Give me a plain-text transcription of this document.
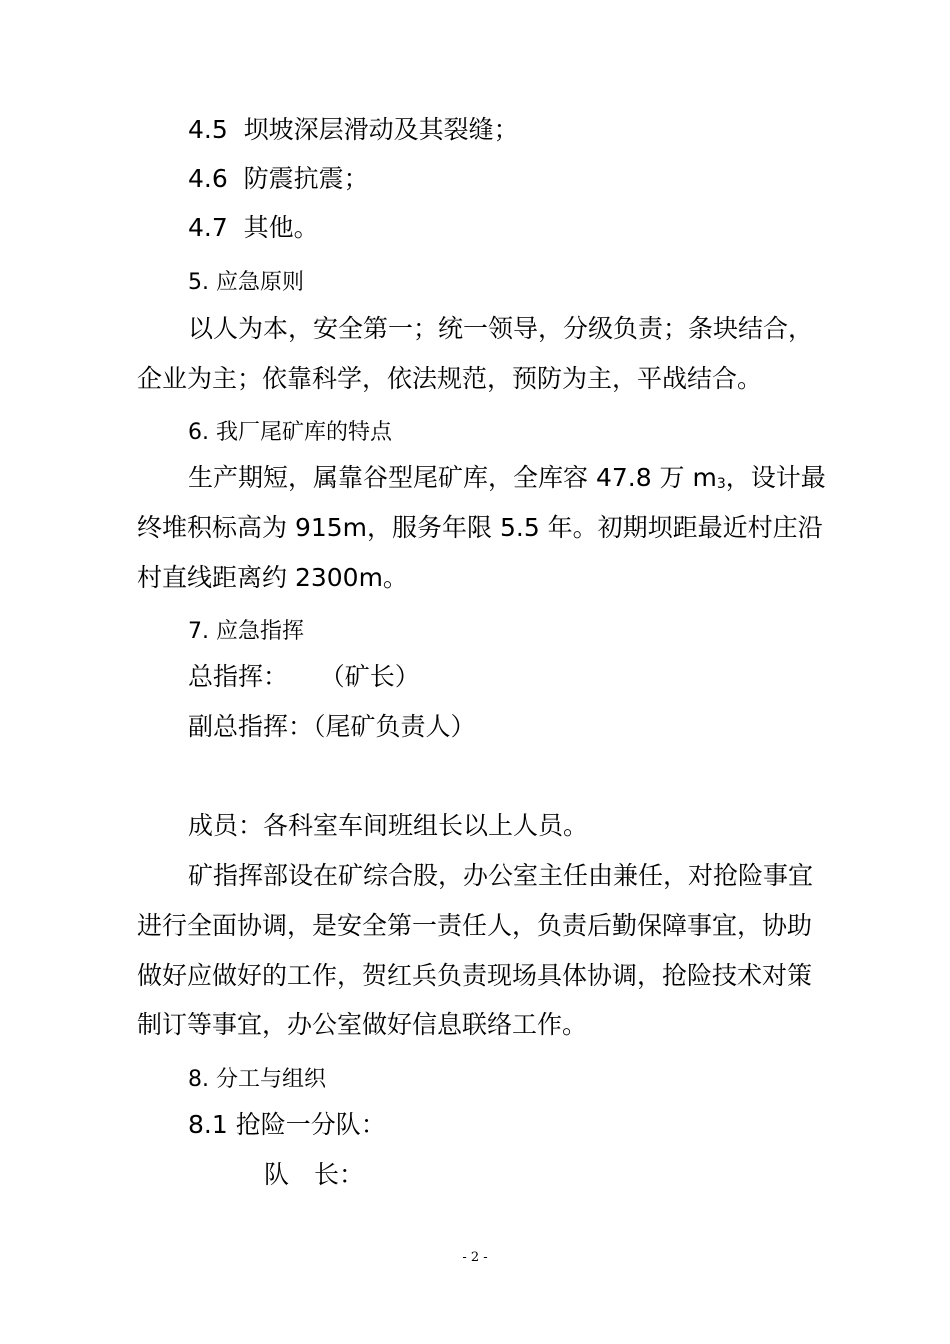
4.5  坝坡深层滑动及其裂缝；
4.6  防震抗震；
4.7  其他。
5. 应急原则
以人为本，安全第一；统一领导，分级负责；条块结合，
企业为主；依靠科学，依法规范，预防为主，平战结合。
6. 我厂尾矿库的特点
生产期短，属靠谷型尾矿库，全库容 47.8 万 m3，设计最
终堆积标高为 915m，服务年限 5.5 年。初期坝距最近村庄沿
村直线距离约 2300m。
7. 应急指挥
总指挥：    （矿长）
副总指挥：（尾矿负责人）
成员：各科室车间班组长以上人员。
矿指挥部设在矿综合股，办公室主任由兼任，对抢险事宜
进行全面协调，是安全第一责任人，负责后勤保障事宜，协助
做好应做好的工作，贺红兵负责现场具体协调，抢险技术对策
制订等事宜，办公室做好信息联络工作。
8. 分工与组织
8.1 抢险一分队：
队　长：
- 2 -
